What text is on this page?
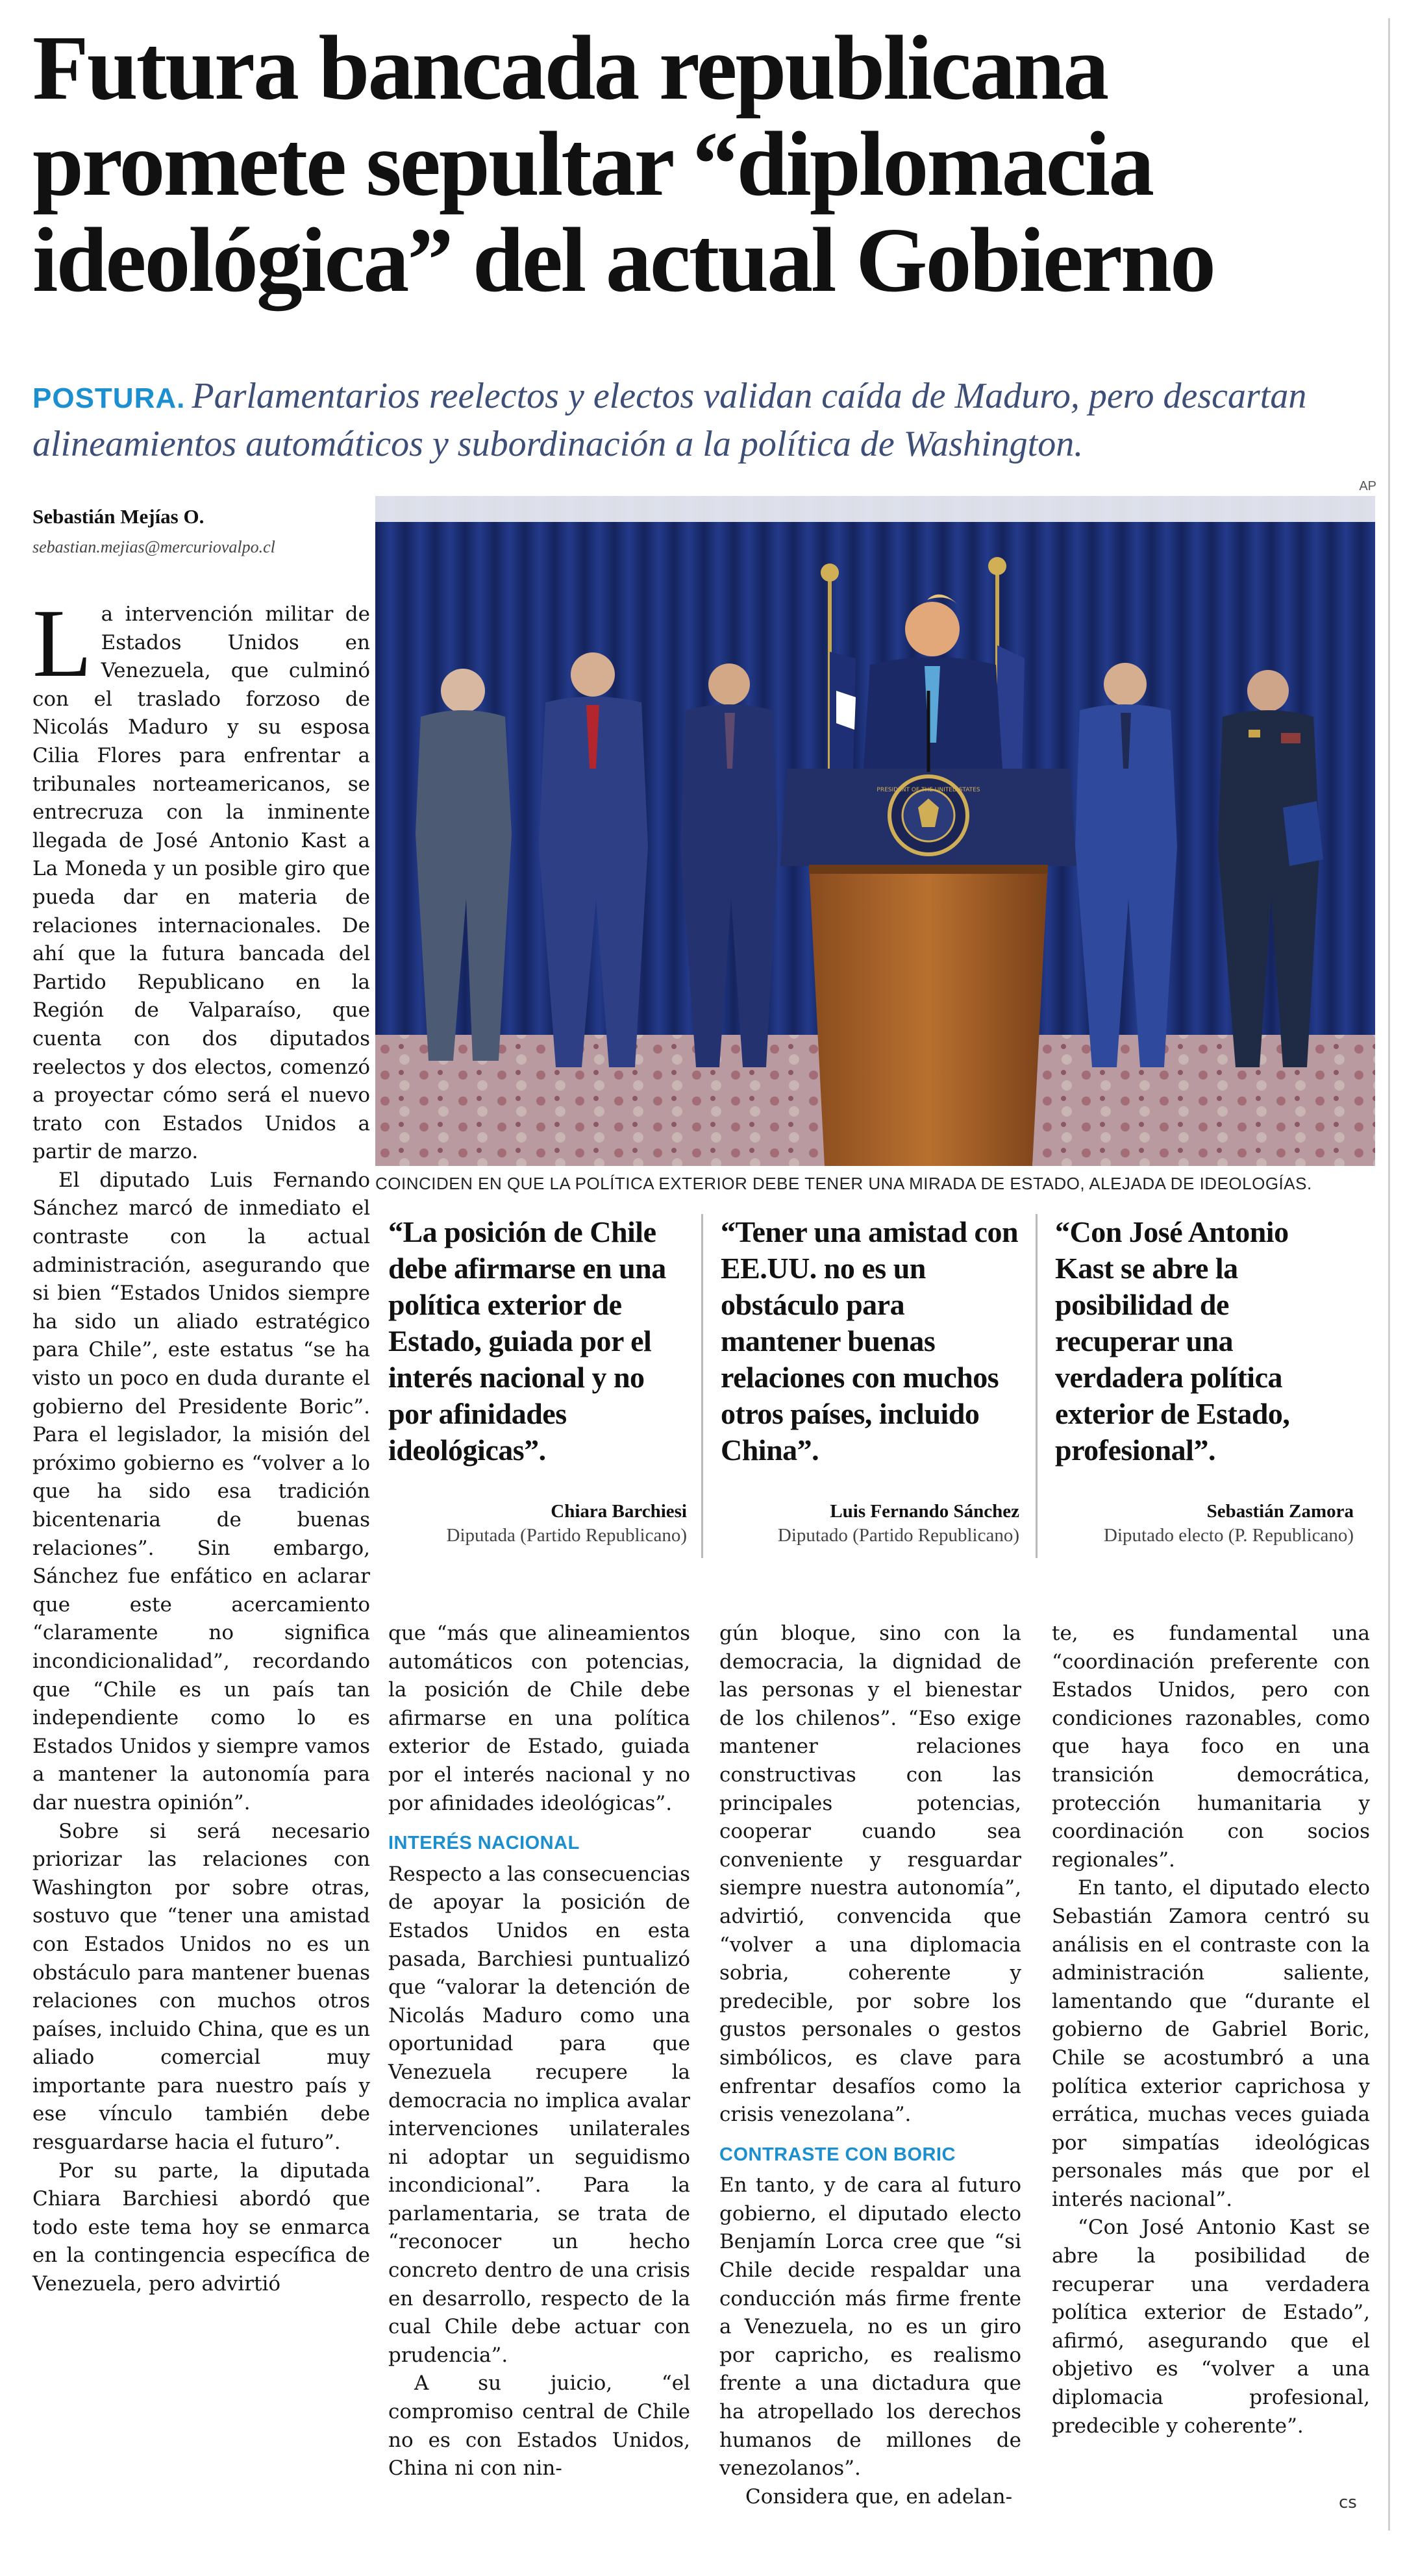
Futura bancada republicana promete sepultar “diplomacia ideológica” del actual Gobierno

POSTURA. Parlamentarios reelectos y electos validan caída de Maduro, pero descartan alineamientos automáticos y subordinación a la política de Washington.

Sebastián Mejías O.
sebastian.mejias@mercuriovalpo.cl
AP
PRESIDENT OF THE UNITED STATES

COINCIDEN EN QUE LA POLÍTICA EXTERIOR DEBE TENER UNA MIRADA DE ESTADO, ALEJADA DE IDEOLOGÍAS.

La intervención militar de Estados Unidos en Venezuela, que culminó con el traslado forzoso de Nicolás Maduro y su esposa Cilia Flores para enfrentar a tribunales norteamericanos, se entrecruza con la inminente llegada de José Antonio Kast a La Moneda y un posible giro que pueda dar en materia de relaciones internacionales. De ahí que la futura bancada del Partido Republicano en la Región de Valparaíso, que cuenta con dos diputados reelectos y dos electos, comenzó a proyectar cómo será el nuevo trato con Estados Unidos a partir de marzo.

El diputado Luis Fernando Sánchez marcó de inmediato el contraste con la actual administración, asegurando que si bien “Estados Unidos siempre ha sido un aliado estratégico para Chile”, este estatus “se ha visto un poco en duda durante el gobierno del Presidente Boric”. Para el legislador, la misión del próximo gobierno es “volver a lo que ha sido esa tradición bicentenaria de buenas relaciones”. Sin embargo, Sánchez fue enfático en aclarar que este acercamiento “claramente no significa incondicionalidad”, recordando que “Chile es un país tan independiente como lo es Estados Unidos y siempre vamos a mantener la autonomía para dar nuestra opinión”.

Sobre si será necesario priorizar las relaciones con Washington por sobre otras, sostuvo que “tener una amistad con Estados Unidos no es un obstáculo para mantener buenas relaciones con muchos otros países, incluido China, que es un aliado comercial muy importante para nuestro país y ese vínculo también debe resguardarse hacia el futuro”.

Por su parte, la diputada Chiara Barchiesi abordó que todo este tema hoy se enmarca en la contingencia específica de Venezuela, pero advirtió

“La posición de Chile debe afirmarse en una política exterior de Estado, guiada por el interés nacional y no por afinidades ideológicas”.

Chiara Barchiesi

Diputada (Partido Republicano)

“Tener una amistad con EE.UU. no es un obstáculo para mantener buenas relaciones con muchos otros países, incluido China”.

Luis Fernando Sánchez

Diputado (Partido Republicano)

“Con José Antonio Kast se abre la posibilidad de recuperar una verdadera política exterior de Estado, profesional”.

Sebastián Zamora

Diputado electo (P. Republicano)

que “más que alineamientos automáticos con potencias, la posición de Chile debe afirmarse en una política exterior de Estado, guiada por el interés nacional y no por afinidades ideológicas”.

INTERÉS NACIONAL

Respecto a las consecuencias de apoyar la posición de Estados Unidos en esta pasada, Barchiesi puntualizó que “valorar la detención de Nicolás Maduro como una oportunidad para que Venezuela recupere la democracia no implica avalar intervenciones unilaterales ni adoptar un seguidismo incondicional”. Para la parlamentaria, se trata de “reconocer un hecho concreto dentro de una crisis en desarrollo, respecto de la cual Chile debe actuar con prudencia”.

A su juicio, “el compromiso central de Chile no es con Estados Unidos, China ni con nin-

gún bloque, sino con la democracia, la dignidad de las personas y el bienestar de los chilenos”. “Eso exige mantener relaciones constructivas con las principales potencias, cooperar cuando sea conveniente y resguardar siempre nuestra autonomía”, advirtió, convencida que “volver a una diplomacia sobria, coherente y predecible, por sobre los gustos personales o gestos simbólicos, es clave para enfrentar desafíos como la crisis venezolana”.

CONTRASTE CON BORIC

En tanto, y de cara al futuro gobierno, el diputado electo Benjamín Lorca cree que “si Chile decide respaldar una conducción más firme frente a Venezuela, no es un giro por capricho, es realismo frente a una dictadura que ha atropellado los derechos humanos de millones de venezolanos”.

Considera que, en adelan-

te, es fundamental una “coordinación preferente con Estados Unidos, pero con condiciones razonables, como que haya foco en una transición democrática, protección humanitaria y coordinación con socios regionales”.

En tanto, el diputado electo Sebastián Zamora centró su análisis en el contraste con la administración saliente, lamentando que “durante el gobierno de Gabriel Boric, Chile se acostumbró a una política exterior caprichosa y errática, muchas veces guiada por simpatías ideológicas personales más que por el interés nacional”.

“Con José Antonio Kast se abre la posibilidad de recuperar una verdadera política exterior de Estado”, afirmó, asegurando que el objetivo es “volver a una diplomacia profesional, predecible y coherente”.

cs
